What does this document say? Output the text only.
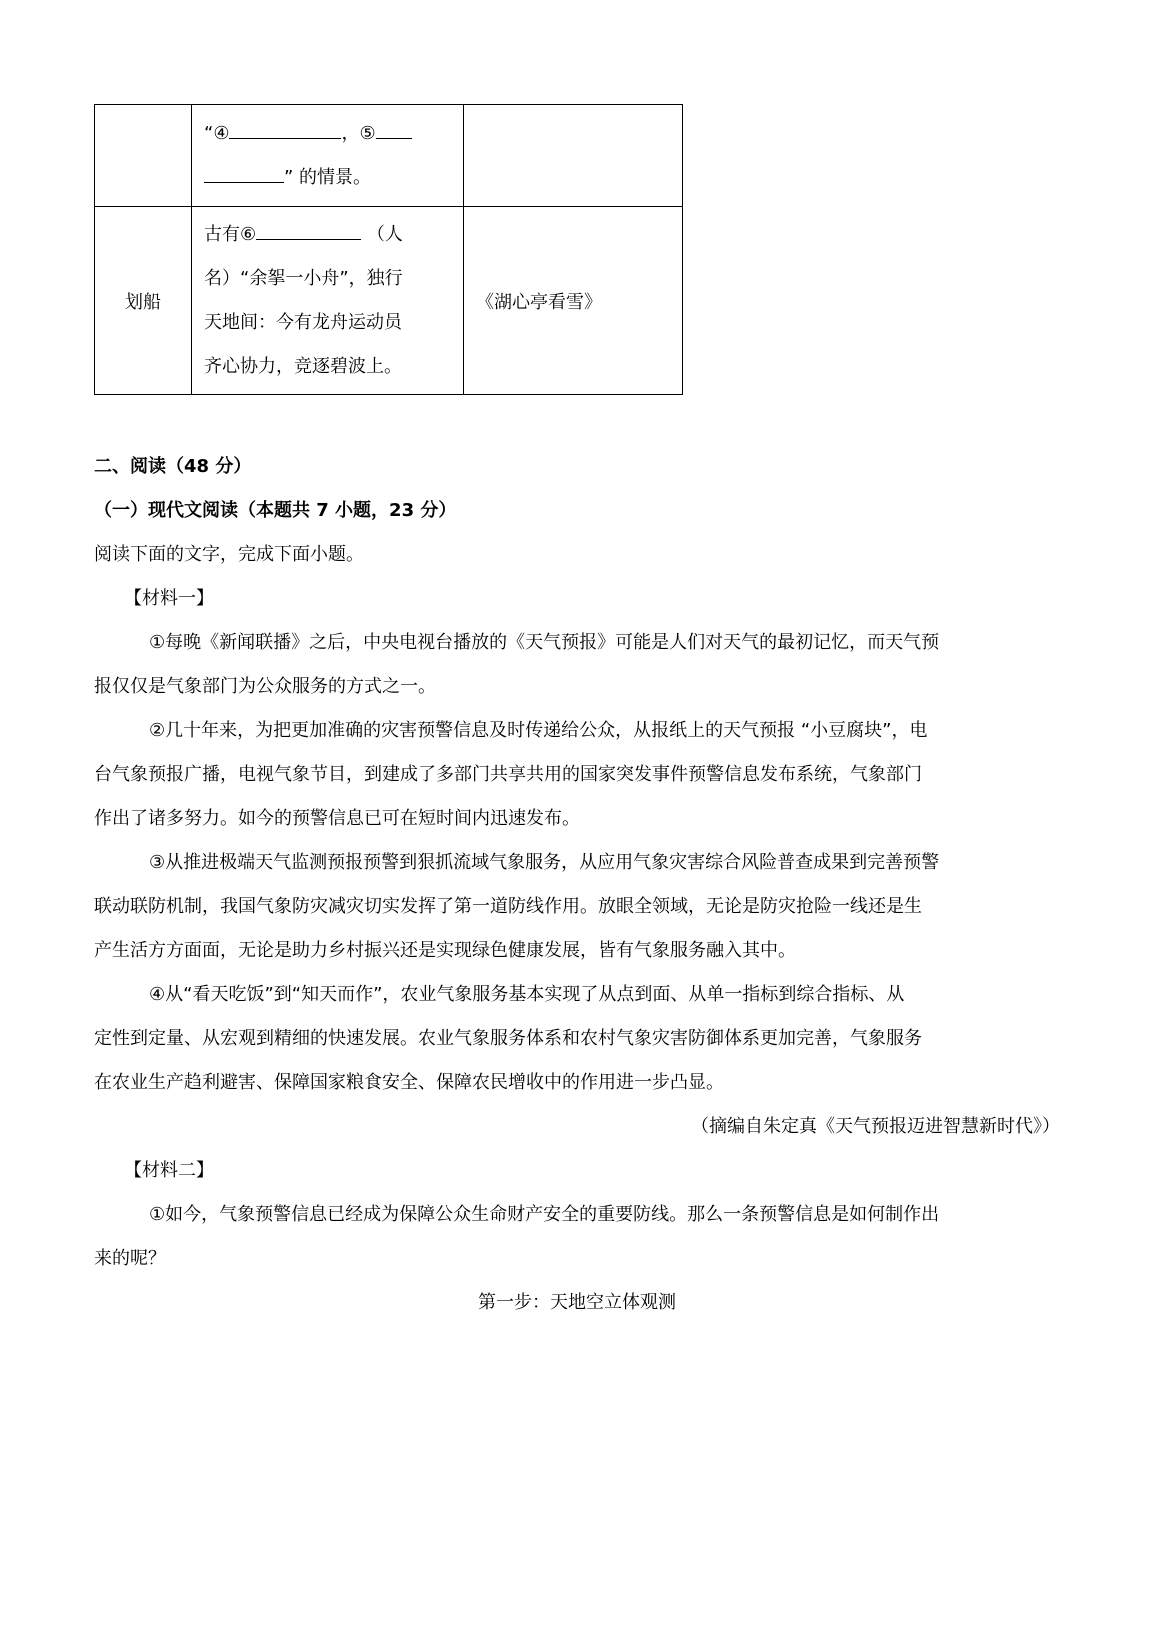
	“④ ，⑤
” 的情景。	
划船	古有⑥ （人
名）“余挐一小舟”，独行
天地间：今有龙舟运动员
齐心协力，竞逐碧波上。	《湖心亭看雪》
二、阅读（48 分）
（一）现代文阅读（本题共 7 小题，23 分）
阅读下面的文字，完成下面小题。
【材料一】
①每晚《新闻联播》之后，中央电视台播放的《天气预报》可能是人们对天气的最初记忆，而天气预
报仅仅是气象部门为公众服务的方式之一。
②几十年来，为把更加准确的灾害预警信息及时传递给公众，从报纸上的天气预报 “小豆腐块”，电
台气象预报广播，电视气象节目，到建成了多部门共享共用的国家突发事件预警信息发布系统，气象部门
作出了诸多努力。如今的预警信息已可在短时间内迅速发布。
③从推进极端天气监测预报预警到狠抓流域气象服务，从应用气象灾害综合风险普查成果到完善预警
联动联防机制，我国气象防灾减灾切实发挥了第一道防线作用。放眼全领域，无论是防灾抢险一线还是生
产生活方方面面，无论是助力乡村振兴还是实现绿色健康发展，皆有气象服务融入其中。
④从“看天吃饭”到“知天而作”，农业气象服务基本实现了从点到面、从单一指标到综合指标、从
定性到定量、从宏观到精细的快速发展。农业气象服务体系和农村气象灾害防御体系更加完善，气象服务
在农业生产趋利避害、保障国家粮食安全、保障农民增收中的作用进一步凸显。
（摘编自朱定真《天气预报迈进智慧新时代》）
【材料二】
①如今，气象预警信息已经成为保障公众生命财产安全的重要防线。那么一条预警信息是如何制作出
来的呢？
第一步：天地空立体观测
